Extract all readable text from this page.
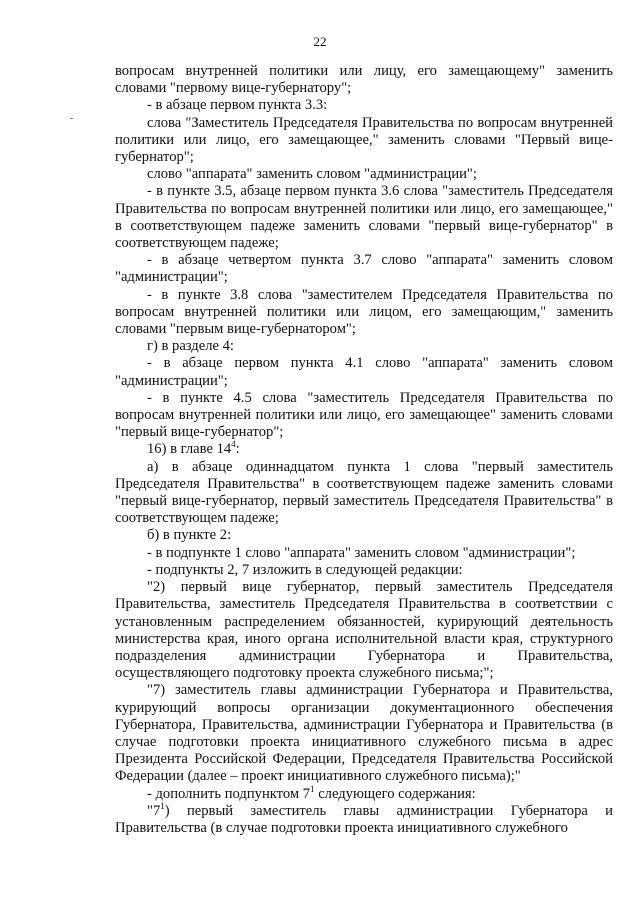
22

вопросам внутренней политики или лицу, его замещающему" заменить словами "первому вице-губернатору";

- в абзаце первом пункта 3.3:

слова "Заместитель Председателя Правительства по вопросам внутренней политики или лицо, его замещающее," заменить словами "Первый вице-губернатор";

слово "аппарата" заменить словом "администрации";

- в пункте 3.5, абзаце первом пункта 3.6 слова "заместитель Председателя Правительства по вопросам внутренней политики или лицо, его замещающее," в соответствующем падеже заменить словами "первый вице-губернатор" в соответствующем падеже;

- в абзаце четвертом пункта 3.7 слово "аппарата" заменить словом "администрации";

- в пункте 3.8 слова "заместителем Председателя Правительства по вопросам внутренней политики или лицом, его замещающим," заменить словами "первым вице-губернатором";

г) в разделе 4:

- в абзаце первом пункта 4.1 слово "аппарата" заменить словом "администрации";

- в пункте 4.5 слова "заместитель Председателя Правительства по вопросам внутренней политики или лицо, его замещающее" заменить словами "первый вице-губернатор";

16) в главе $14^4$:

а) в абзаце одиннадцатом пункта 1 слова "первый заместитель Председателя Правительства" в соответствующем падеже заменить словами "первый вице-губернатор, первый заместитель Председателя Правительства" в соответствующем падеже;

б) в пункте 2:

- в подпункте 1 слово "аппарата" заменить словом "администрации";

- подпункты 2, 7 изложить в следующей редакции:

"2) первый вице губернатор, первый заместитель Председателя Правительства, заместитель Председателя Правительства в соответствии с установленным распределением обязанностей, курирующий деятельность министерства края, иного органа исполнительной власти края, структурного подразделения администрации Губернатора и Правительства, осуществляющего подготовку проекта служебного письма;";

"7) заместитель главы администрации Губернатора и Правительства, курирующий вопросы организации документационного обеспечения Губернатора, Правительства, администрации Губернатора и Правительства (в случае подготовки проекта инициативного служебного письма в адрес Президента Российской Федерации, Председателя Правительства Российской Федерации (далее – проект инициативного служебного письма);"

- дополнить подпунктом $7^1$ следующего содержания:

"$7^1$) первый заместитель главы администрации Губернатора и Правительства (в случае подготовки проекта инициативного служебного
